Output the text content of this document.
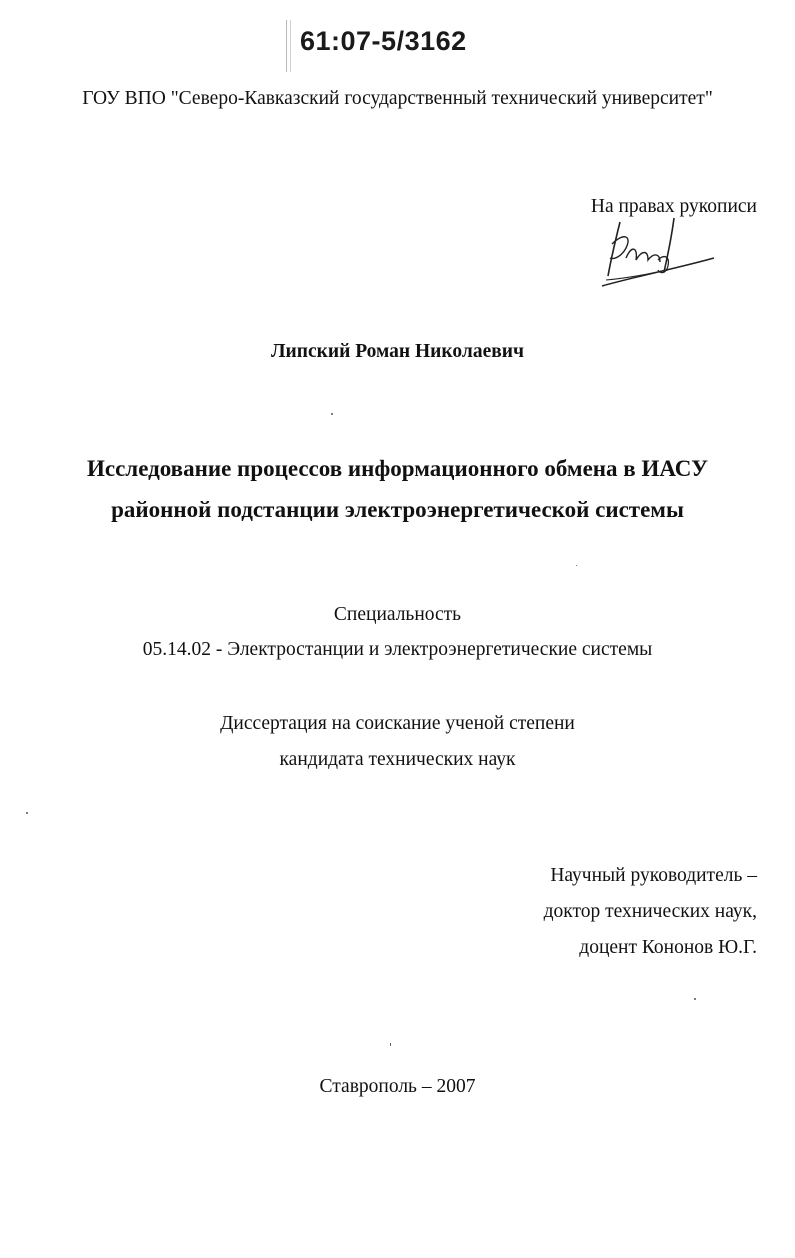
61:07-5/3162

ГОУ ВПО "Северо-Кавказский государственный технический университет"

На правах рукописи

Липский Роман Николаевич

Исследование процессов информационного обмена в ИАСУ
районной подстанции электроэнергетической системы

Специальность

05.14.02 - Электростанции и электроэнергетические системы

Диссертация на соискание ученой степени

кандидата технических наук

Научный руководитель –
доктор технических наук,
доцент Кононов Ю.Г.

Ставрополь – 2007
